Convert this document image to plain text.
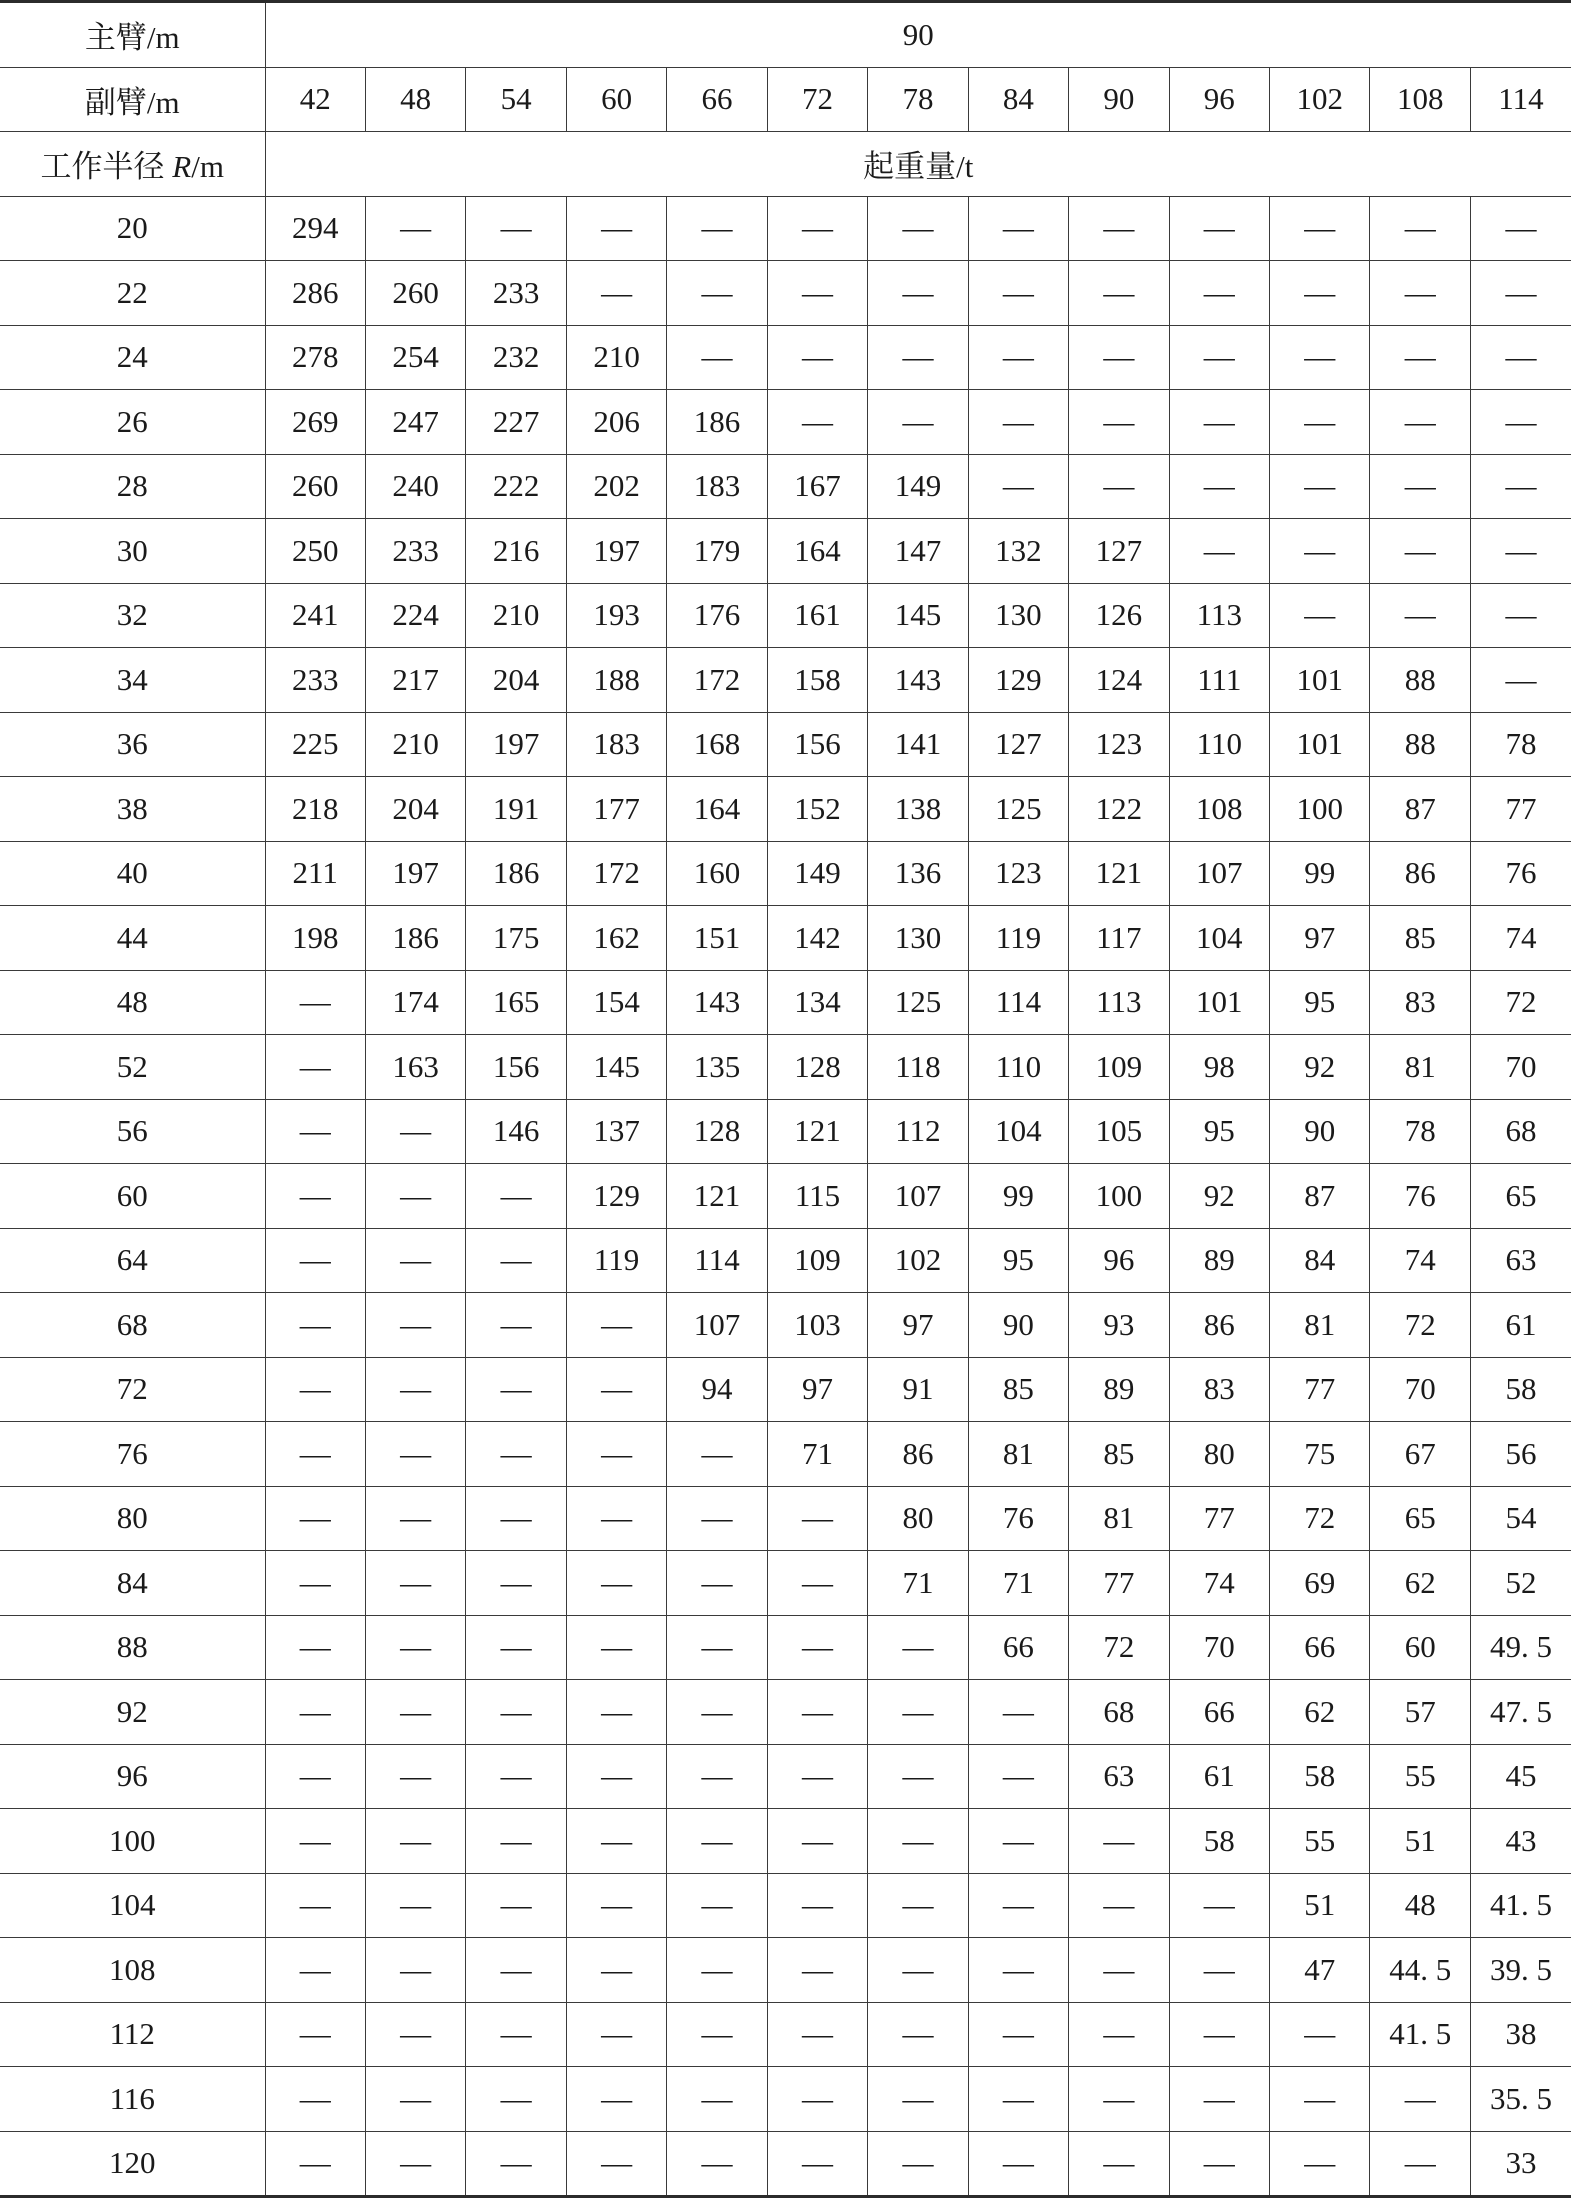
主臂/m	90												
副臂/m	42	48	54	60	66	72	78	84	90	96	102	108	114
工作半径 R/m	起重量/t												
20	294	—	—	—	—	—	—	—	—	—	—	—	—
22	286	260	233	—	—	—	—	—	—	—	—	—	—
24	278	254	232	210	—	—	—	—	—	—	—	—	—
26	269	247	227	206	186	—	—	—	—	—	—	—	—
28	260	240	222	202	183	167	149	—	—	—	—	—	—
30	250	233	216	197	179	164	147	132	127	—	—	—	—
32	241	224	210	193	176	161	145	130	126	113	—	—	—
34	233	217	204	188	172	158	143	129	124	111	101	88	—
36	225	210	197	183	168	156	141	127	123	110	101	88	78
38	218	204	191	177	164	152	138	125	122	108	100	87	77
40	211	197	186	172	160	149	136	123	121	107	99	86	76
44	198	186	175	162	151	142	130	119	117	104	97	85	74
48	—	174	165	154	143	134	125	114	113	101	95	83	72
52	—	163	156	145	135	128	118	110	109	98	92	81	70
56	—	—	146	137	128	121	112	104	105	95	90	78	68
60	—	—	—	129	121	115	107	99	100	92	87	76	65
64	—	—	—	119	114	109	102	95	96	89	84	74	63
68	—	—	—	—	107	103	97	90	93	86	81	72	61
72	—	—	—	—	94	97	91	85	89	83	77	70	58
76	—	—	—	—	—	71	86	81	85	80	75	67	56
80	—	—	—	—	—	—	80	76	81	77	72	65	54
84	—	—	—	—	—	—	71	71	77	74	69	62	52
88	—	—	—	—	—	—	—	66	72	70	66	60	49. 5
92	—	—	—	—	—	—	—	—	68	66	62	57	47. 5
96	—	—	—	—	—	—	—	—	63	61	58	55	45
100	—	—	—	—	—	—	—	—	—	58	55	51	43
104	—	—	—	—	—	—	—	—	—	—	51	48	41. 5
108	—	—	—	—	—	—	—	—	—	—	47	44. 5	39. 5
112	—	—	—	—	—	—	—	—	—	—	—	41. 5	38
116	—	—	—	—	—	—	—	—	—	—	—	—	35. 5
120	—	—	—	—	—	—	—	—	—	—	—	—	33
